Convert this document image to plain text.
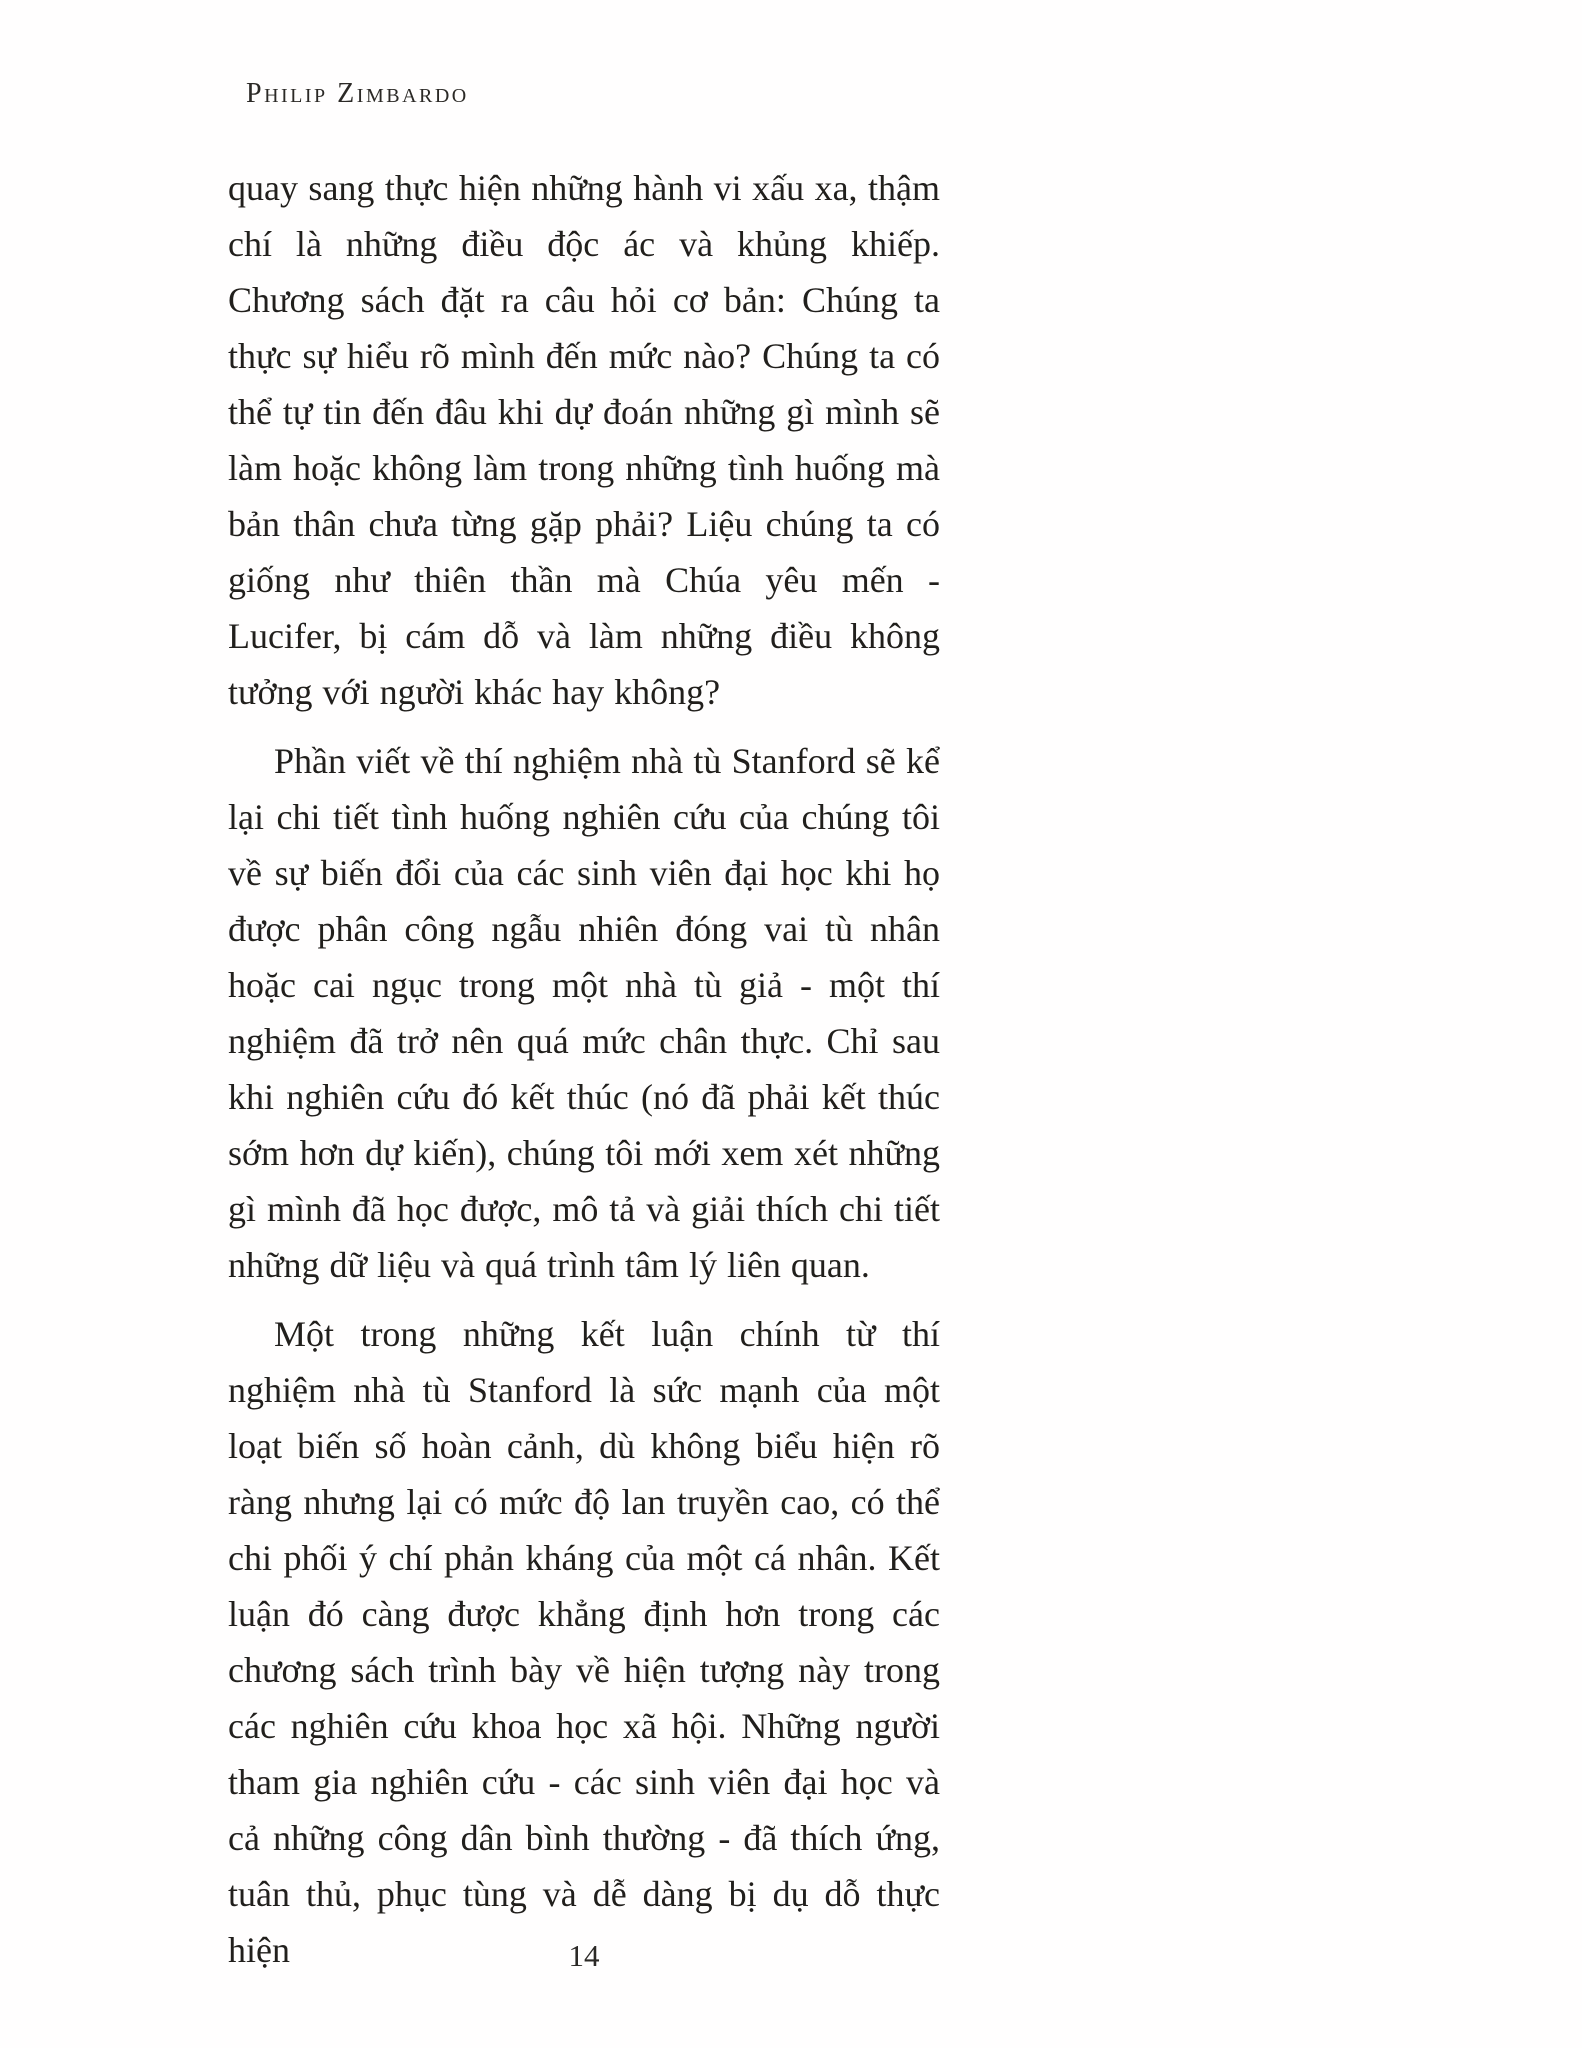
Philip Zimbardo

quay sang thực hiện những hành vi xấu xa, thậm chí là những điều độc ác và khủng khiếp. Chương sách đặt ra câu hỏi cơ bản: Chúng ta thực sự hiểu rõ mình đến mức nào? Chúng ta có thể tự tin đến đâu khi dự đoán những gì mình sẽ làm hoặc không làm trong những tình huống mà bản thân chưa từng gặp phải? Liệu chúng ta có giống như thiên thần mà Chúa yêu mến - Lucifer, bị cám dỗ và làm những điều không tưởng với người khác hay không?

Phần viết về thí nghiệm nhà tù Stanford sẽ kể lại chi tiết tình huống nghiên cứu của chúng tôi về sự biến đổi của các sinh viên đại học khi họ được phân công ngẫu nhiên đóng vai tù nhân hoặc cai ngục trong một nhà tù giả - một thí nghiệm đã trở nên quá mức chân thực. Chỉ sau khi nghiên cứu đó kết thúc (nó đã phải kết thúc sớm hơn dự kiến), chúng tôi mới xem xét những gì mình đã học được, mô tả và giải thích chi tiết những dữ liệu và quá trình tâm lý liên quan.

Một trong những kết luận chính từ thí nghiệm nhà tù Stanford là sức mạnh của một loạt biến số hoàn cảnh, dù không biểu hiện rõ ràng nhưng lại có mức độ lan truyền cao, có thể chi phối ý chí phản kháng của một cá nhân. Kết luận đó càng được khẳng định hơn trong các chương sách trình bày về hiện tượng này trong các nghiên cứu khoa học xã hội. Những người tham gia nghiên cứu - các sinh viên đại học và cả những công dân bình thường - đã thích ứng, tuân thủ, phục tùng và dễ dàng bị dụ dỗ thực hiện	14
